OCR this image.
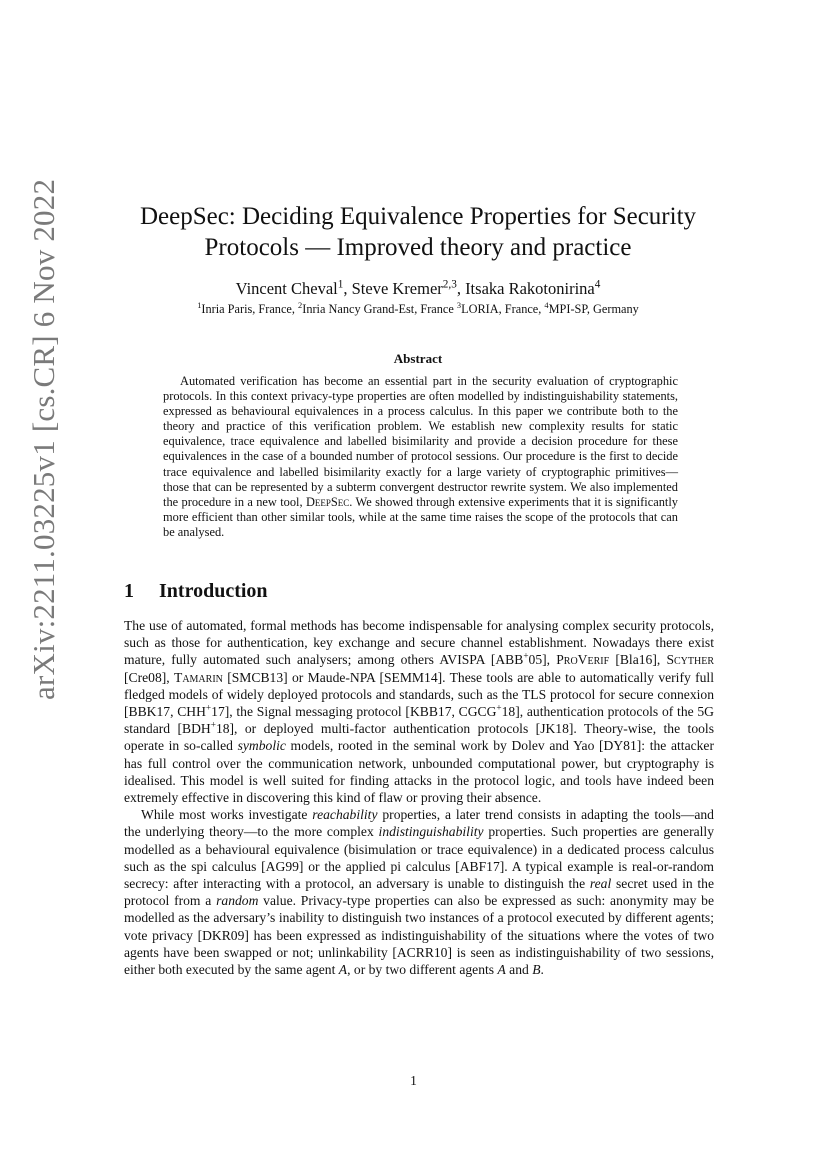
arXiv:2211.03225v1 [cs.CR] 6 Nov 2022	DeepSec: Deciding Equivalence Properties for Security
Protocols — Improved theory and practice
Vincent Cheval$^1$, Steve Kremer$^{2,3}$, Itsaka Rakotonirina$^4$
$^1$Inria Paris, France, $^2$Inria Nancy Grand-Est, France $^3$LORIA, France, $^4$MPI-SP, Germany
Abstract
Automated verification has become an essential part in the security evaluation of cryptographic protocols. In this context privacy-type properties are often modelled by indistinguishability statements, expressed as behavioural equivalences in a process calculus. In this paper we contribute both to the theory and practice of this verification problem. We establish new complexity results for static equivalence, trace equivalence and labelled bisimilarity and provide a decision procedure for these equivalences in the case of a bounded number of protocol sessions. Our procedure is the first to decide trace equivalence and labelled bisimilarity exactly for a large variety of cryptographic primitives—those that can be represented by a subterm convergent destructor rewrite system. We also implemented the procedure in a new tool, DeepSec. We showed through extensive experiments that it is significantly more efficient than other similar tools, while at the same time raises the scope of the protocols that can be analysed.
1 Introduction

The use of automated, formal methods has become indispensable for analysing complex security protocols, such as those for authentication, key exchange and secure channel establishment. Nowadays there exist mature, fully automated such analysers; among others AVISPA [ABB+05], ProVerif [Bla16], Scyther [Cre08], Tamarin [SMCB13] or Maude-NPA [SEMM14]. These tools are able to automatically verify full fledged models of widely deployed protocols and standards, such as the TLS protocol for secure connexion [BBK17, CHH+17], the Signal messaging protocol [KBB17, CGCG+18], authentication protocols of the 5G standard [BDH+18], or deployed multi-factor authentication protocols [JK18]. Theory-wise, the tools operate in so-called symbolic models, rooted in the seminal work by Dolev and Yao [DY81]: the attacker has full control over the communication network, unbounded computational power, but cryptography is idealised. This model is well suited for finding attacks in the protocol logic, and tools have indeed been extremely effective in discovering this kind of flaw or proving their absence.

While most works investigate reachability properties, a later trend consists in adapting the tools—and the underlying theory—to the more complex indistinguishability properties. Such properties are generally modelled as a behavioural equivalence (bisimulation or trace equivalence) in a dedicated process calculus such as the spi calculus [AG99] or the applied pi calculus [ABF17]. A typical example is real-or-random secrecy: after interacting with a protocol, an adversary is unable to distinguish the real secret used in the protocol from a random value. Privacy-type properties can also be expressed as such: anonymity may be modelled as the adversary’s inability to distinguish two instances of a protocol executed by different agents; vote privacy [DKR09] has been expressed as indistinguishability of the situations where the votes of two agents have been swapped or not; unlinkability [ACRR10] is seen as indistinguishability of two sessions, either both executed by the same agent A, or by two different agents A and B.

1
